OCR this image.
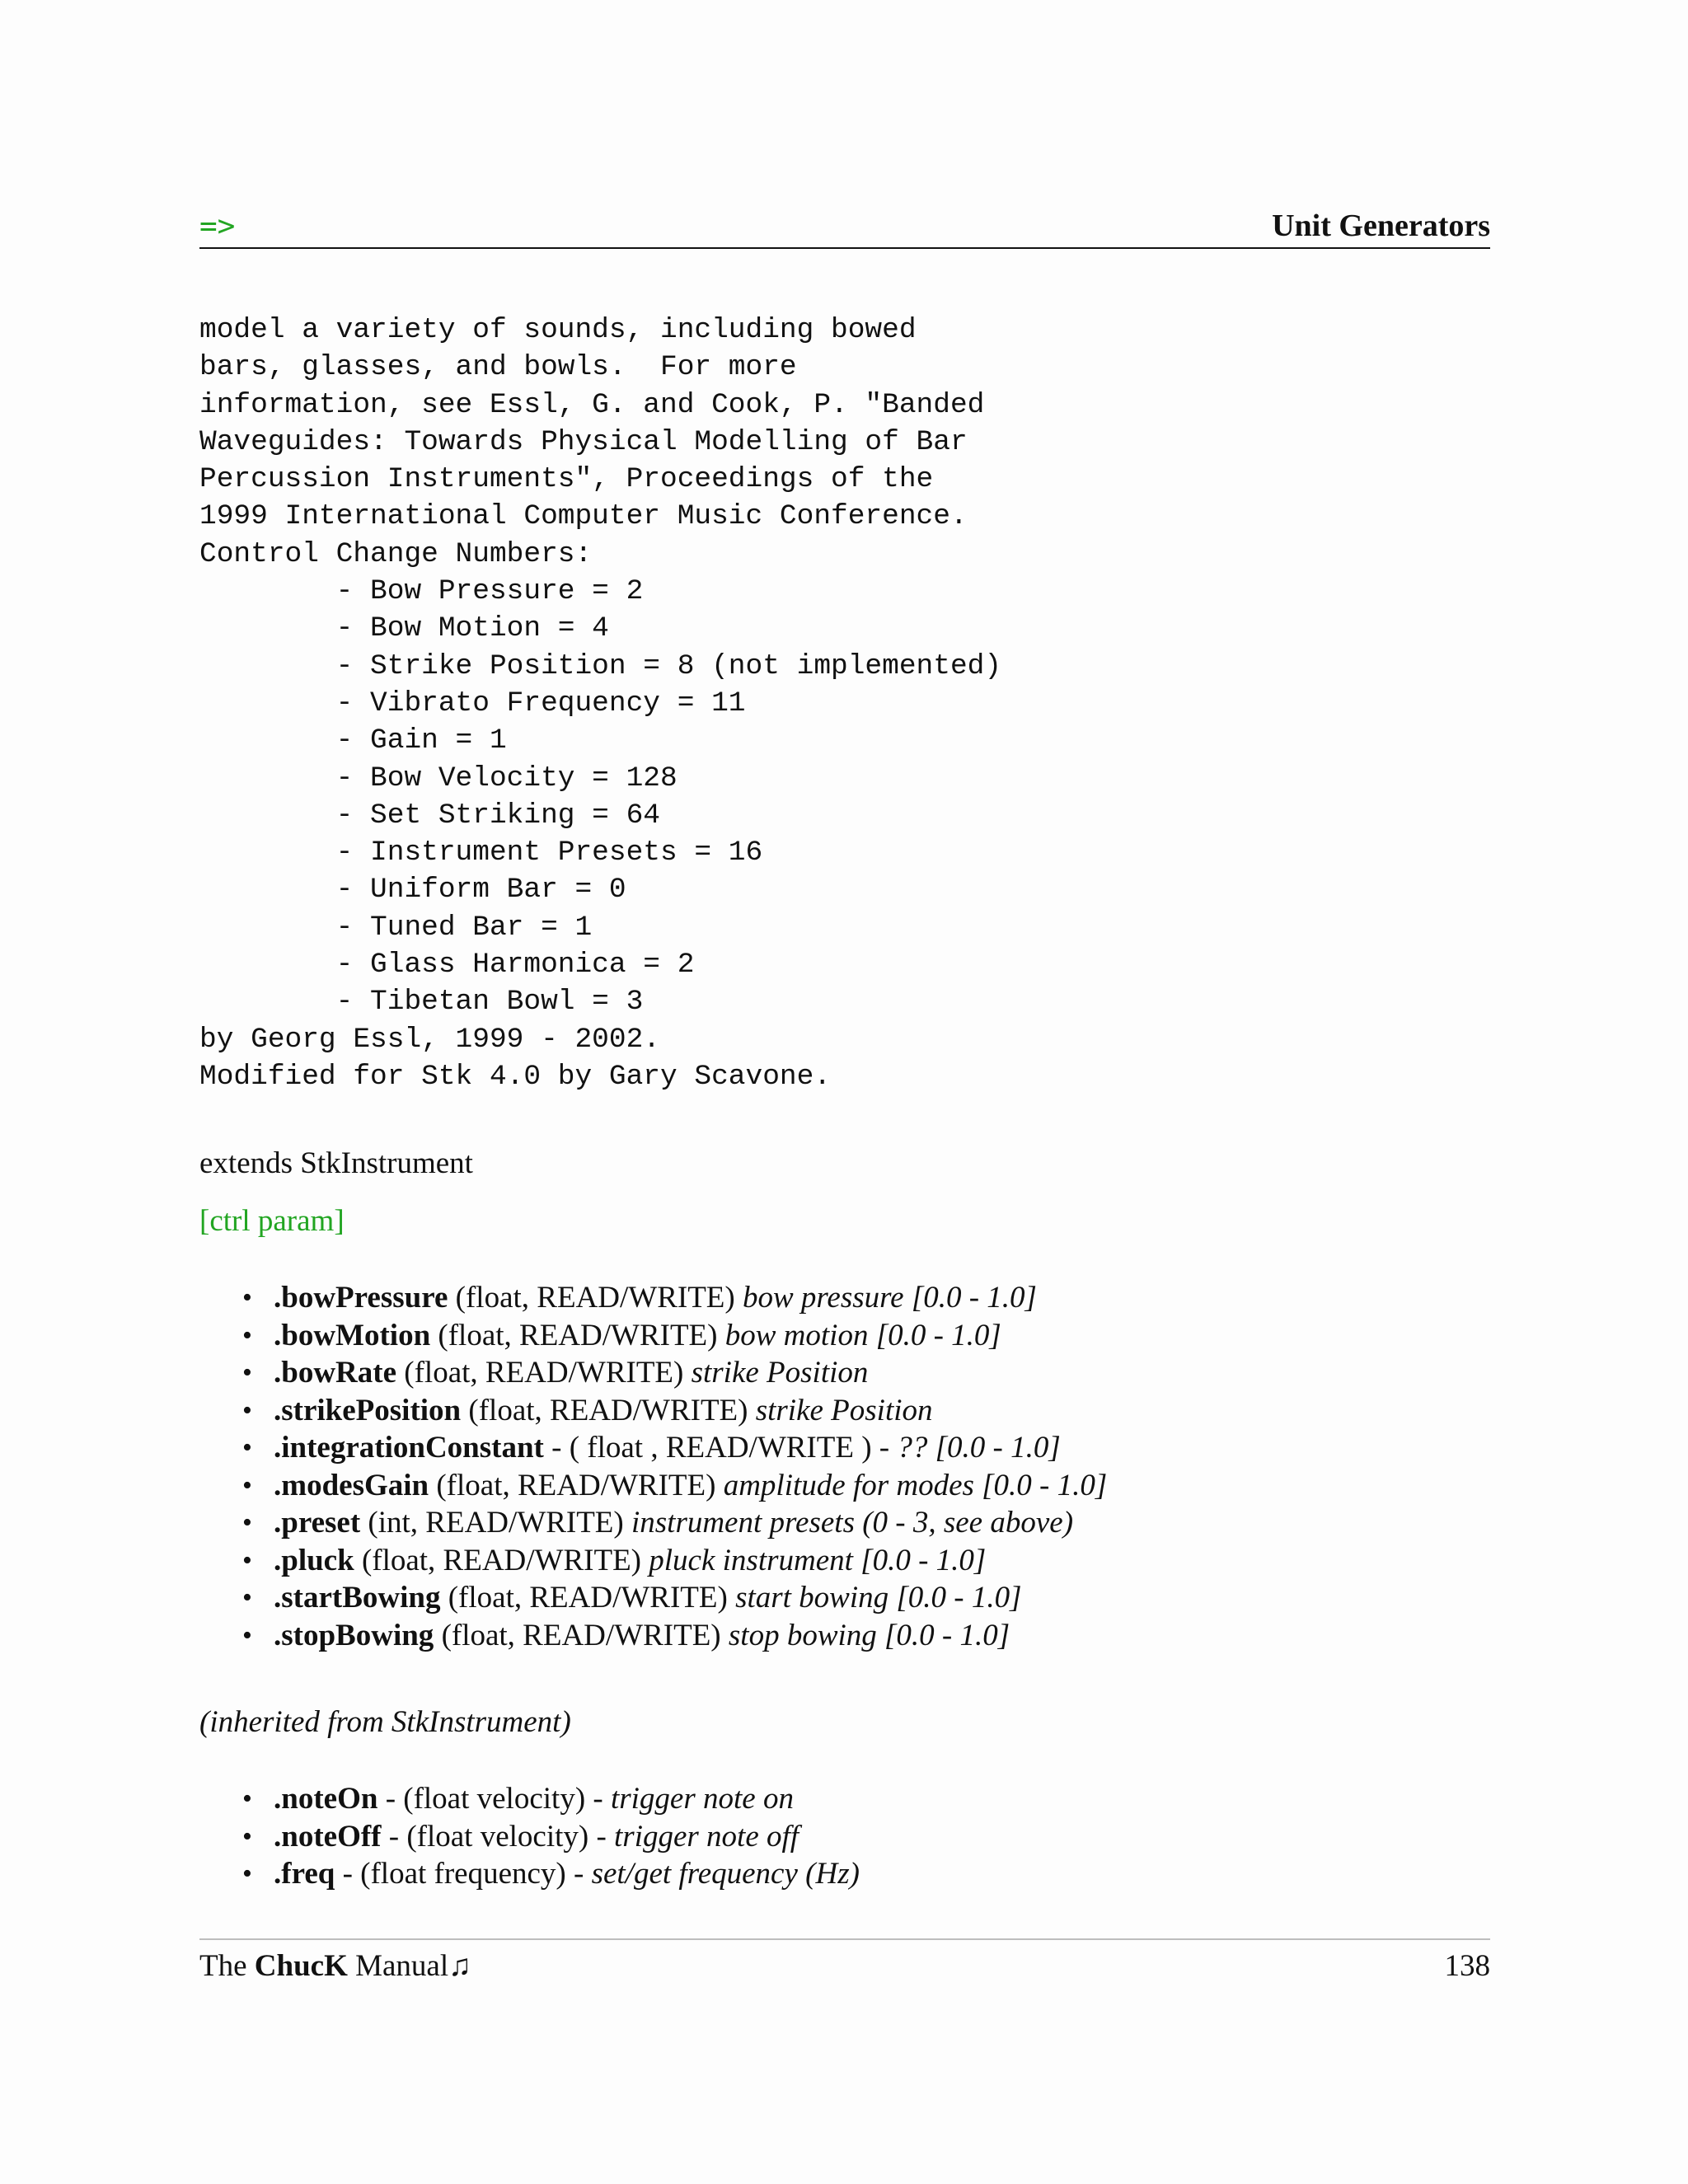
=>	Unit Generators
model a variety of sounds, including bowed
bars, glasses, and bowls.  For more
information, see Essl, G. and Cook, P. "Banded
Waveguides: Towards Physical Modelling of Bar
Percussion Instruments", Proceedings of the
1999 International Computer Music Conference.
Control Change Numbers:
- Bow Pressure = 2
- Bow Motion = 4
- Strike Position = 8 (not implemented)
- Vibrato Frequency = 11
- Gain = 1
- Bow Velocity = 128
- Set Striking = 64
- Instrument Presets = 16
- Uniform Bar = 0
- Tuned Bar = 1
- Glass Harmonica = 2
- Tibetan Bowl = 3
by Georg Essl, 1999 - 2002.
Modified for Stk 4.0 by Gary Scavone.
extends StkInstrument
[ctrl param]
• .bowPressure (float, READ/WRITE) bow pressure [0.0 - 1.0]
• .bowMotion (float, READ/WRITE) bow motion [0.0 - 1.0]
• .bowRate (float, READ/WRITE) strike Position
• .strikePosition (float, READ/WRITE) strike Position
• .integrationConstant - ( float , READ/WRITE ) - ?? [0.0 - 1.0]
• .modesGain (float, READ/WRITE) amplitude for modes [0.0 - 1.0]
• .preset (int, READ/WRITE) instrument presets (0 - 3, see above)
• .pluck (float, READ/WRITE) pluck instrument [0.0 - 1.0]
• .startBowing (float, READ/WRITE) start bowing [0.0 - 1.0]
• .stopBowing (float, READ/WRITE) stop bowing [0.0 - 1.0]
(inherited from StkInstrument)
• .noteOn - (float velocity) - trigger note on
• .noteOff - (float velocity) - trigger note off
• .freq - (float frequency) - set/get frequency (Hz)
The ChucK Manual♫	138
